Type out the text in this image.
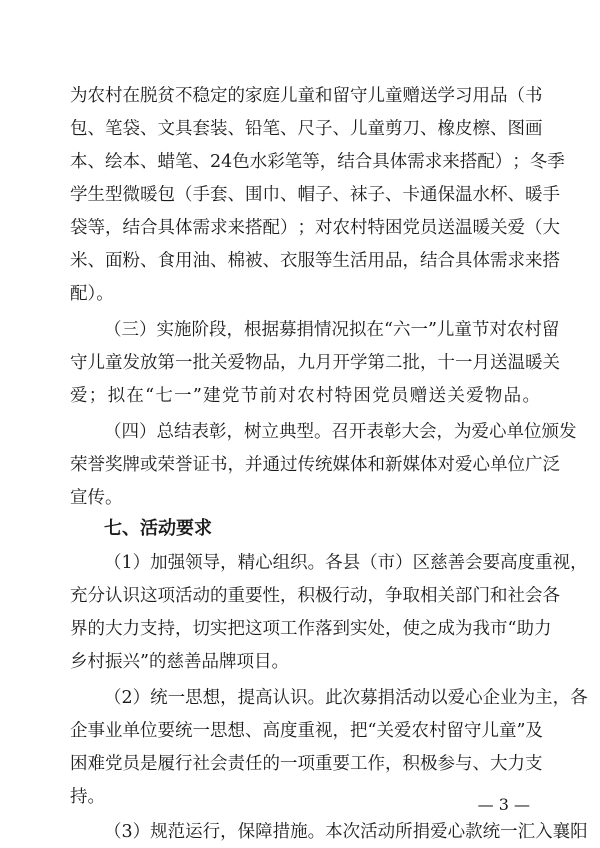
为 农 村 在 脱 贫 不 稳 定 的 家 庭 儿 童 和 留 守 儿 童 赠 送 学 习 用 品 （ 书
包 、 笔 袋 、 文 具 套 装 、 铅 笔 、 尺 子 、 儿 童 剪 刀 、 橡 皮 檫 、 图 画
本 、 绘 本 、 蜡 笔 、 2 4 色 水 彩 笔 等 ， 结 合 具 体 需 求 来 搭 配 ） ； 冬 季
学 生 型 微 暖 包 （ 手 套 、 围 巾 、 帽 子 、 袜 子 、 卡 通 保 温 水 杯 、 暖 手
袋 等 ， 结 合 具 体 需 求 来 搭 配 ） ； 对 农 村 特 困 党 员 送 温 暖 关 爱 （ 大
米 、 面 粉 、 食 用 油 、 棉 被 、 衣 服 等 生 活 用 品 ， 结 合 具 体 需 求 来 搭
配）。
（ 三 ） 实 施 阶 段 ， 根 据 募 捐 情 况 拟 在 “ 六 一 ” 儿 童 节 对 农 村 留
守 儿 童 发 放 第 一 批 关 爱 物 品 ， 九 月 开 学 第 二 批 ， 十 一 月 送 温 暖 关
爱 ； 拟 在 “ 七 一 ” 建 党 节 前 对 农 村 特 困 党 员 赠 送 关 爱 物 品 。
（ 四 ） 总 结 表 彰 ， 树 立 典 型 。 召 开 表 彰 大 会 ， 为 爱 心 单 位 颁 发
荣 誉 奖 牌 或 荣 誉 证 书 ， 并 通 过 传 统 媒 体 和 新 媒 体 对 爱 心 单 位 广 泛
宣传。
七、活动要求
（ 1 ） 加 强 领 导 ， 精 心 组 织 。 各 县 （ 市 ） 区 慈 善 会 要 高 度 重 视 ，
充 分 认 识 这 项 活 动 的 重 要 性 ， 积 极 行 动 ， 争 取 相 关 部 门 和 社 会 各
界 的 大 力 支 持 ， 切 实 把 这 项 工 作 落 到 实 处 ， 使 之 成 为 我 市 “ 助 力
乡村振兴”的慈善品牌项目。
（ 2 ） 统 一 思 想 ， 提 高 认 识 。 此 次 募 捐 活 动 以 爱 心 企 业 为 主 ， 各
企 事 业 单 位 要 统 一 思 想 、 高 度 重 视 ， 把 “ 关 爱 农 村 留 守 儿 童 ” 及
困 难 党 员 是 履 行 社 会 责 任 的 一 项 重 要 工 作 ， 积 极 参 与 、 大 力 支
持。
（ 3 ） 规 范 运 行 ， 保 障 措 施 。 本 次 活 动 所 捐 爱 心 款 统 一 汇 入 襄 阳
— 3 —
